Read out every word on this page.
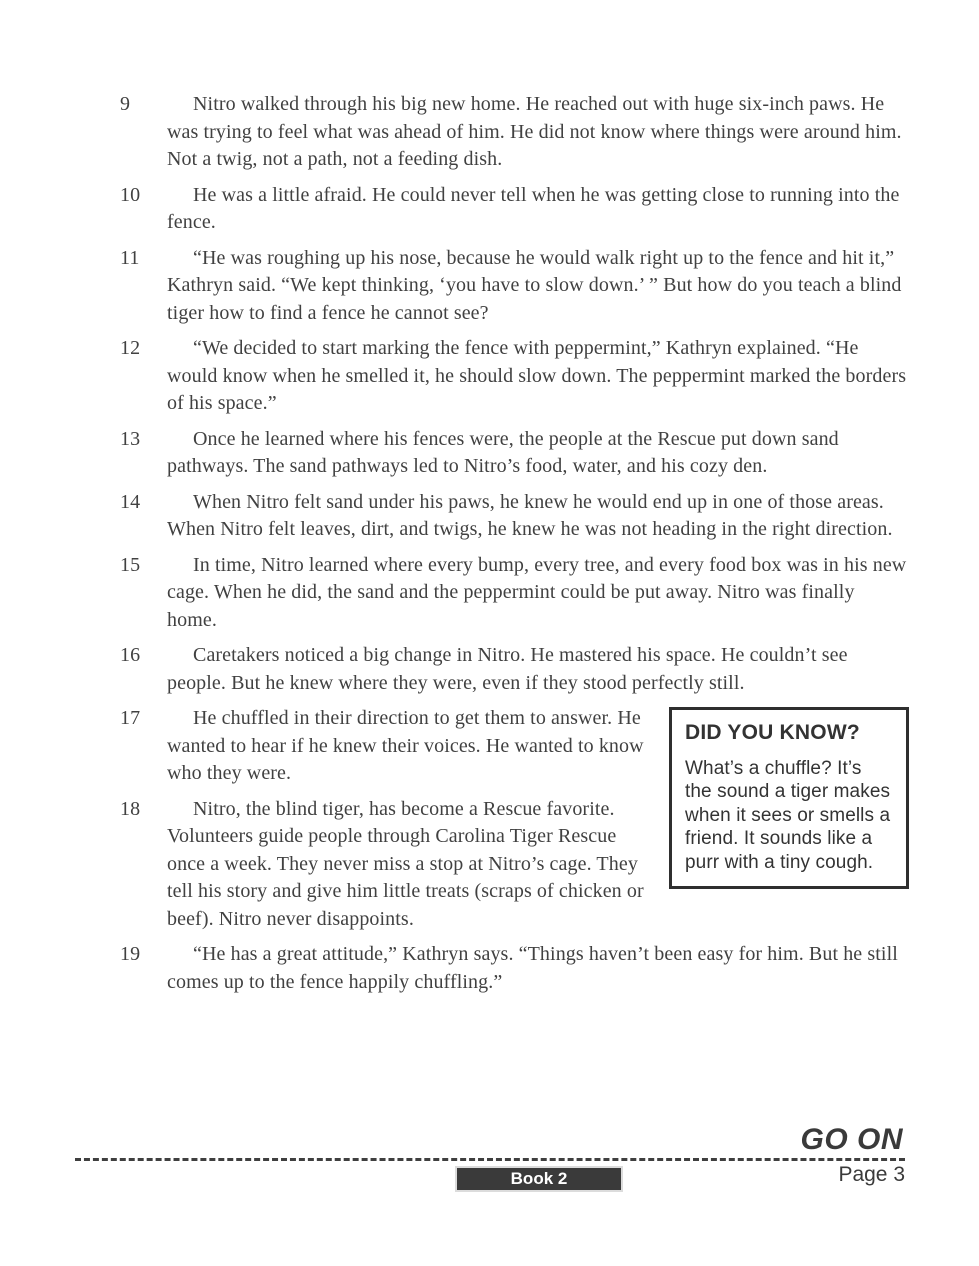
9	Nitro walked through his big new home. He reached out with huge six-inch paws. He was trying to feel what was ahead of him. He did not know where things were around him. Not a twig, not a path, not a feeding dish.
10	He was a little afraid. He could never tell when he was getting close to running into the fence.
11	“He was roughing up his nose, because he would walk right up to the fence and hit it,” Kathryn said. “We kept thinking, ‘you have to slow down.’ ” But how do you teach a blind tiger how to find a fence he cannot see?
12	“We decided to start marking the fence with peppermint,” Kathryn explained. “He would know when he smelled it, he should slow down. The peppermint marked the borders of his space.”
13	Once he learned where his fences were, the people at the Rescue put down sand pathways. The sand pathways led to Nitro’s food, water, and his cozy den.
14	When Nitro felt sand under his paws, he knew he would end up in one of those areas. When Nitro felt leaves, dirt, and twigs, he knew he was not heading in the right direction.
15	In time, Nitro learned where every bump, every tree, and every food box was in his new cage. When he did, the sand and the peppermint could be put away. Nitro was finally home.
16	Caretakers noticed a big change in Nitro. He mastered his space. He couldn’t see people. But he knew where they were, even if they stood perfectly still.
DID YOU KNOW?
What’s a chuffle? It’s the sound a tiger makes when it sees or smells a friend. It sounds like a purr with a tiny cough.
17	He chuffled in their direction to get them to answer. He wanted to hear if he knew their voices. He wanted to know who they were.
18	Nitro, the blind tiger, has become a Rescue favorite. Volunteers guide people through Carolina Tiger Rescue once a week. They never miss a stop at Nitro’s cage. They tell his story and give him little treats (scraps of chicken or beef). Nitro never disappoints.
19	“He has a great attitude,” Kathryn says. “Things haven’t been easy for him. But he still comes up to the fence happily chuffling.”
GO ON
Book 2	Page 3
